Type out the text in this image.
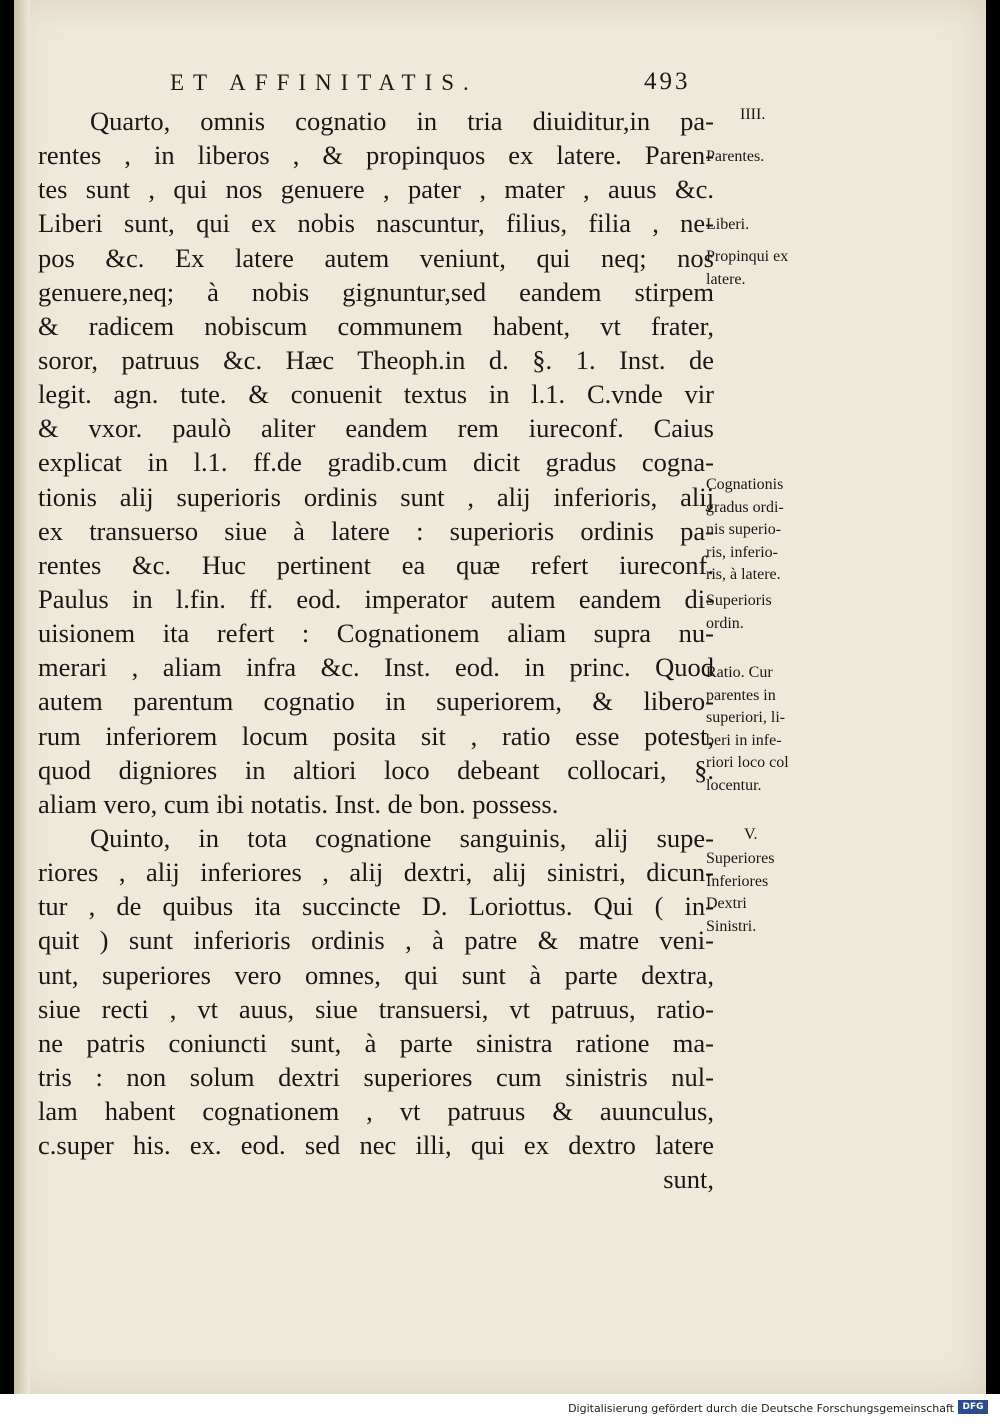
ET AFFINITATIS.	493
Quarto, omnis cognatio in tria diuiditur,in pa-
rentes , in liberos , & propinquos ex latere. Paren-
tes sunt , qui nos genuere , pater , mater , auus &c.
Liberi sunt, qui ex nobis nascuntur, filius, filia , ne-
pos &c. Ex latere autem veniunt, qui neq; nos
genuere,neq; à nobis gignuntur,sed eandem stirpem
& radicem nobiscum communem habent, vt frater,
soror, patruus &c. Hæc Theoph.in d. §. 1. Inst. de
legit. agn. tute. & conuenit textus in l.1. C.vnde vir
& vxor. paulò aliter eandem rem iureconf. Caius
explicat in l.1. ff.de gradib.cum dicit gradus cogna-
tionis alij superioris ordinis sunt , alij inferioris, alij
ex transuerso siue à latere : superioris ordinis pa-
rentes &c. Huc pertinent ea quæ refert iureconf.
Paulus in l.fin. ff. eod. imperator autem eandem di-
uisionem ita refert : Cognationem aliam supra nu-
merari , aliam infra &c. Inst. eod. in princ. Quod
autem parentum cognatio in superiorem, & libero-
rum inferiorem locum posita sit , ratio esse potest,
quod digniores in altiori loco debeant collocari, §.
aliam vero, cum ibi notatis. Inst. de bon. possess.
Quinto, in tota cognatione sanguinis, alij supe-
riores , alij inferiores , alij dextri, alij sinistri, dicun-
tur , de quibus ita succincte D. Loriottus. Qui ( in-
quit ) sunt inferioris ordinis , à patre & matre veni-
unt, superiores vero omnes, qui sunt à parte dextra,
siue recti , vt auus, siue transuersi, vt patruus, ratio-
ne patris coniuncti sunt, à parte sinistra ratione ma-
tris : non solum dextri superiores cum sinistris nul-
lam habent cognationem , vt patruus & auunculus,
c.super his. ex. eod. sed nec illi, qui ex dextro latere
sunt,
IIII.
Parentes.
Liberi.
Propinqui ex
latere.
Cognationis
gradus ordi-
nis superio-
ris, inferio-
ris, à latere.
Superioris
ordin.
Ratio. Cur
parentes in
superiori, li-
beri in infe-
riori loco col
locentur.
V.
Superiores
Inferiores
Dextri
Sinistri.
Digitalisierung gefördert durch die Deutsche Forschungsgemeinschaft DFG
